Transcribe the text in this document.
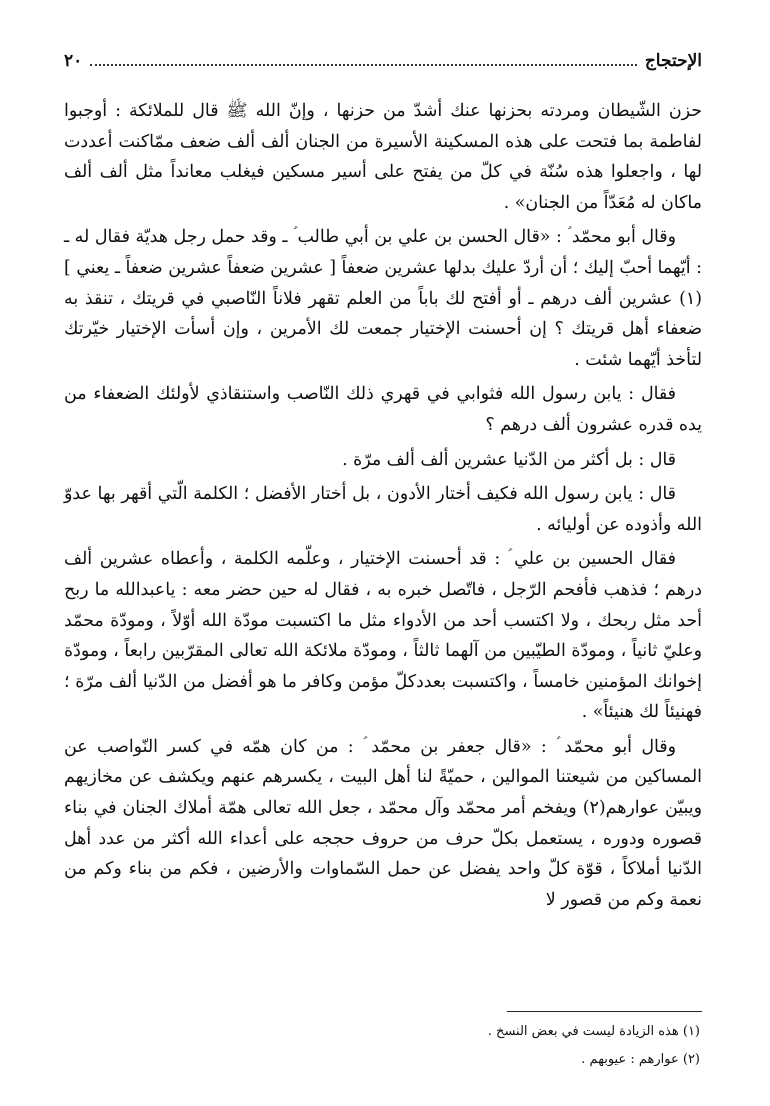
الإحتجاج
٢٠

حزن الشّيطان ومردته بحزنها عنك أشدّ من حزنها ، وإنّ الله ﷺ قال للملائكة : أوجبوا لفاطمة بما فتحت على هذه المسكينة الأسيرة من الجنان ألف ألف ضعف ممّاكنت أعددت لها ، واجعلوا هذه سُنّة في كلّ من يفتح على أسير مسكين فيغلب معانداً مثل ألف ألف ماكان له مُعَدّاً من الجنان» .

وقال أبو محمّد ؑ : «قال الحسن بن علي بن أبي طالب ؑ ـ وقد حمل رجل هديّة فقال له ـ : أيّهما أحبّ إليك ؛ أن أردّ عليك بدلها عشرين ضعفاً [ عشرين ضعفاً عشرين ضعفاً ـ يعني ](١) عشرين ألف درهم ـ أو أفتح لك باباً من العلم تقهر فلاناً النّاصبي في قريتك ، تنقذ به ضعفاء أهل قريتك ؟ إن أحسنت الإختيار جمعت لك الأمرين ، وإن أسأت الإختيار خيّرتك لتأخذ أيّهما شئت .

فقال : يابن رسول الله فثوابي في قهري ذلك النّاصب واستنقاذي لأولئك الضعفاء من يده قدره عشرون ألف درهم ؟

قال : بل أكثر من الدّنيا عشرين ألف ألف مرّة .

قال : يابن رسول الله فكيف أختار الأدون ، بل أختار الأفضل ؛ الكلمة الّتي أقهر بها عدوّ الله وأذوده عن أوليائه .

فقال الحسين بن علي ؑ : قد أحسنت الإختيار ، وعلّمه الكلمة ، وأعطاه عشرين ألف درهم ؛ فذهب فأفحم الرّجل ، فاتّصل خبره به ، فقال له حين حضر معه : ياعبدالله ما ربح أحد مثل ربحك ، ولا اكتسب أحد من الأدواء مثل ما اكتسبت مودّة الله أوّلاً ، ومودّة محمّد وعليّ ثانياً ، ومودّة الطيّبين من آلهما ثالثاً ، ومودّة ملائكة الله تعالى المقرّبين رابعاً ، ومودّة إخوانك المؤمنين خامساً ، واكتسبت بعددكلّ مؤمن وكافر ما هو أفضل من الدّنيا ألف مرّة ؛ فهنيئاً لك هنيئاً» .

وقال أبو محمّد ؑ : «قال جعفر بن محمّد ؑ : من كان همّه في كسر النّواصب عن المساكين من شيعتنا الموالين ، حميّةً لنا أهل البيت ، يكسرهم عنهم ويكشف عن مخازيهم ويبيّن عوارهم(٢) ويفخم أمر محمّد وآل محمّد ، جعل الله تعالى همّة أملاك الجنان في بناء قصوره ودوره ، يستعمل بكلّ حرف من حروف حججه على أعداء الله أكثر من عدد أهل الدّنيا أملاكاً ، قوّة كلّ واحد يفضل عن حمل السّماوات والأرضين ، فكم من بناء وكم من نعمة وكم من قصور لا

(١) هذه الزيادة ليست في بعض النسخ .
(٢) عوارهم : عيوبهم .
